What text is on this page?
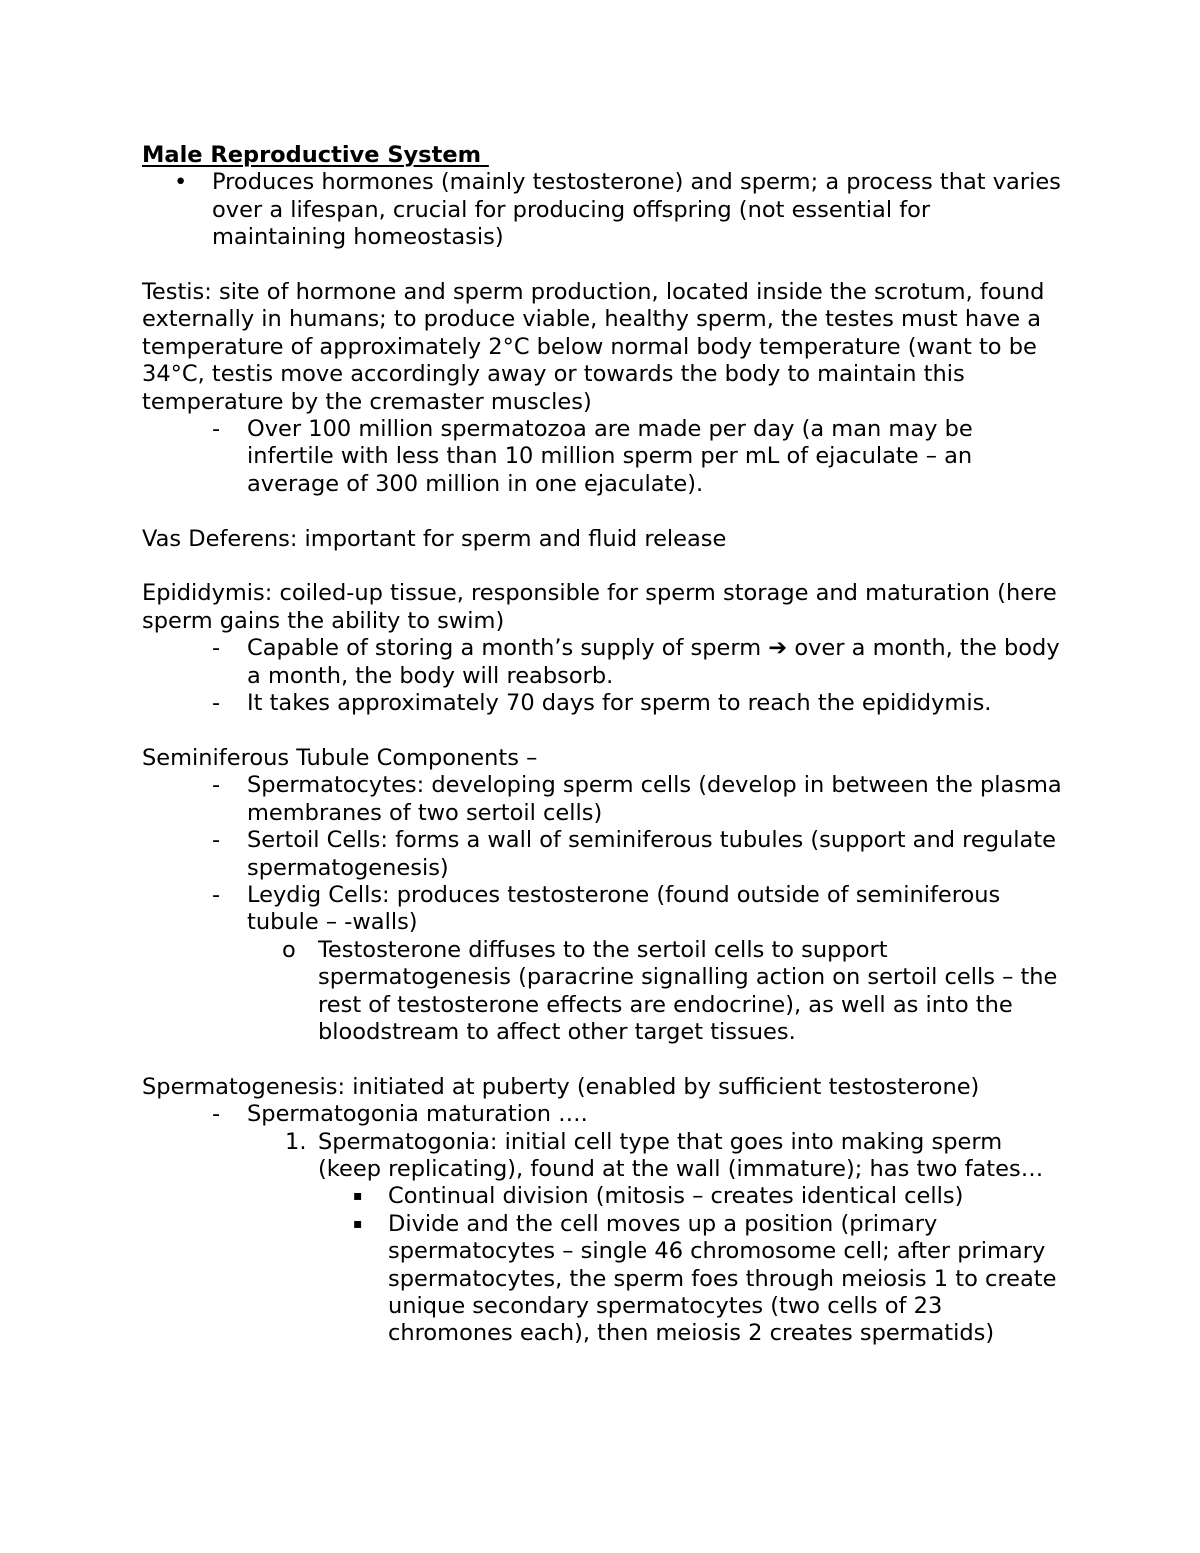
Male Reproductive System

• Produces hormones (mainly testosterone) and sperm; a process that varies over a lifespan, crucial for producing offspring (not essential for maintaining homeostasis)

Testis: site of hormone and sperm production, located inside the scrotum, found externally in humans; to produce viable, healthy sperm, the testes must have a temperature of approximately 2°C below normal body temperature (want to be 34°C, testis move accordingly away or towards the body to maintain this temperature by the cremaster muscles)

- Over 100 million spermatozoa are made per day (a man may be infertile with less than 10 million sperm per mL of ejaculate – an average of 300 million in one ejaculate).

Vas Deferens: important for sperm and fluid release

Epididymis: coiled-up tissue, responsible for sperm storage and maturation (here sperm gains the ability to swim)

- Capable of storing a month’s supply of sperm ➔ over a month, the body a month, the body will reabsorb.
- It takes approximately 70 days for sperm to reach the epididymis.

Seminiferous Tubule Components –

- Spermatocytes: developing sperm cells (develop in between the plasma membranes of two sertoil cells)
- Sertoil Cells: forms a wall of seminiferous tubules (support and regulate spermatogenesis)
- Leydig Cells: produces testosterone (found outside of seminiferous tubule – -walls)
o Testosterone diffuses to the sertoil cells to support spermatogenesis (paracrine signalling action on sertoil cells – the rest of testosterone effects are endocrine), as well as into the bloodstream to affect other target tissues.

Spermatogenesis: initiated at puberty (enabled by sufficient testosterone)

- Spermatogonia maturation ….
1. Spermatogonia: initial cell type that goes into making sperm (keep replicating), found at the wall (immature); has two fates…
▪ Continual division (mitosis – creates identical cells)
▪ Divide and the cell moves up a position (primary spermatocytes – single 46 chromosome cell; after primary spermatocytes, the sperm foes through meiosis 1 to create unique secondary spermatocytes (two cells of 23 chromones each), then meiosis 2 creates spermatids)
